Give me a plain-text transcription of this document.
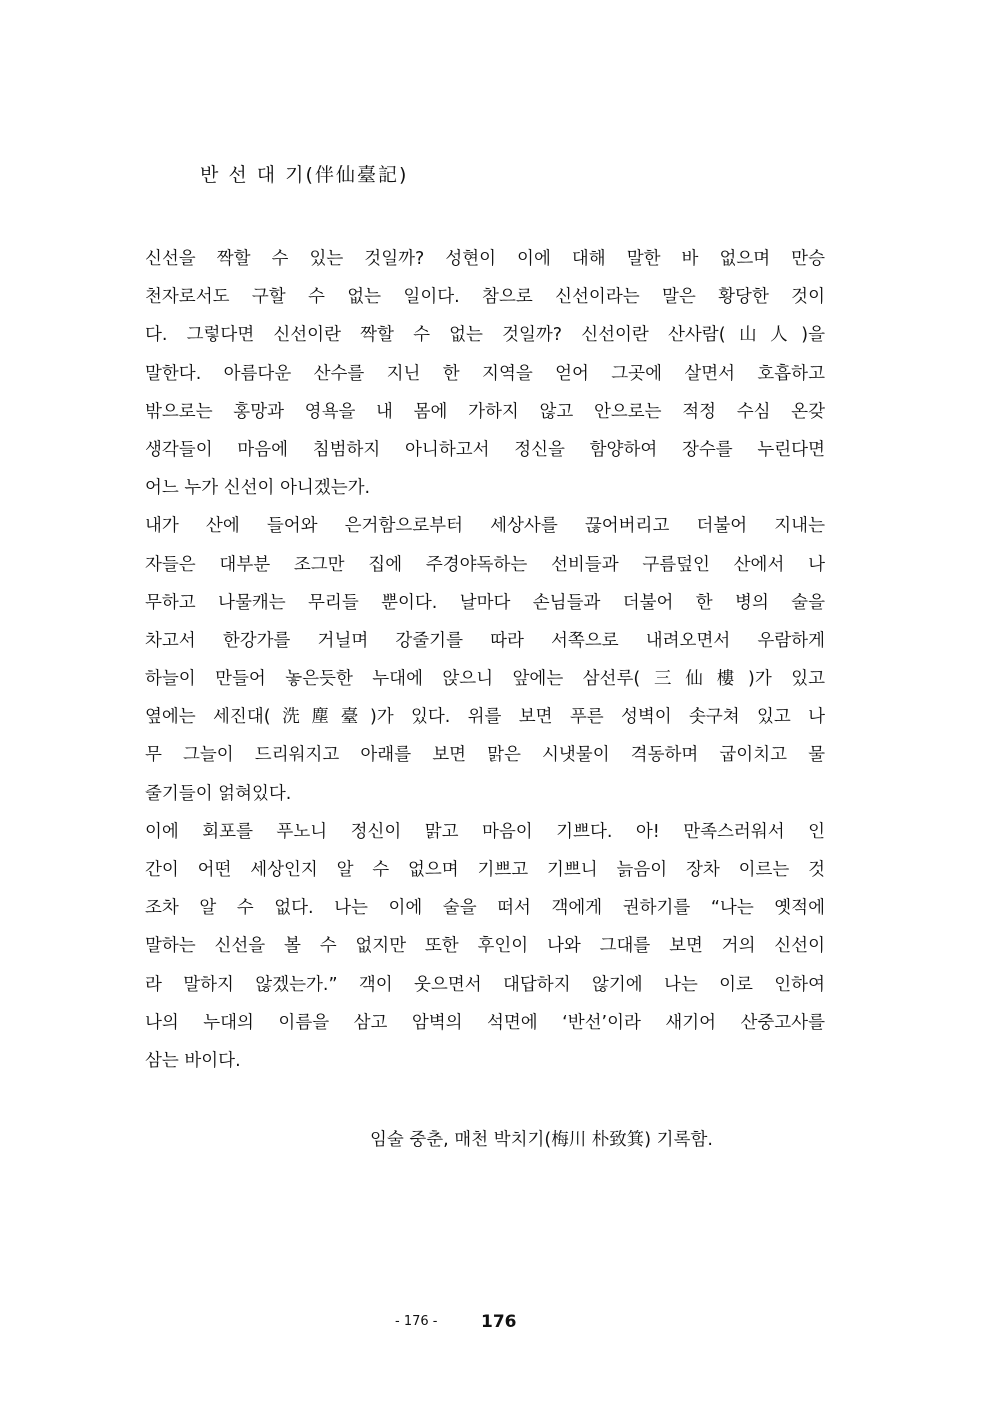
반 선 대 기(伴仙臺記)
신선을 짝할 수 있는 것일까? 성현이 이에 대해 말한 바 없으며 만승
천자로서도 구할 수 없는 일이다. 참으로 신선이라는 말은 황당한 것이
다. 그렇다면 신선이란 짝할 수 없는 것일까? 신선이란 산사람(山人)을
말한다. 아름다운 산수를 지닌 한 지역을 얻어 그곳에 살면서 호흡하고
밖으로는 홍망과 영욕을 내 몸에 가하지 않고 안으로는 적정 수심 온갖
생각들이 마음에 침범하지 아니하고서 정신을 함양하여 장수를 누린다면
어느 누가 신선이 아니겠는가.
내가 산에 들어와 은거함으로부터 세상사를 끊어버리고 더불어 지내는
자들은 대부분 조그만 집에 주경야독하는 선비들과 구름덮인 산에서 나
무하고 나물캐는 무리들 뿐이다. 날마다 손님들과 더불어 한 병의 술을
차고서 한강가를 거닐며 강줄기를 따라 서쪽으로 내려오면서 우람하게
하늘이 만들어 놓은듯한 누대에 앉으니 앞에는 삼선루(三仙樓)가 있고
옆에는 세진대(洗塵臺)가 있다. 위를 보면 푸른 성벽이 솟구쳐 있고 나
무 그늘이 드리워지고 아래를 보면 맑은 시냇물이 격동하며 굽이치고 물
줄기들이 얽혀있다.
이에 회포를 푸노니 정신이 맑고 마음이 기쁘다. 아! 만족스러워서 인
간이 어떤 세상인지 알 수 없으며 기쁘고 기쁘니 늙음이 장차 이르는 것
조차 알 수 없다. 나는 이에 술을 떠서 객에게 권하기를 “나는 옛적에
말하는 신선을 볼 수 없지만 또한 후인이 나와 그대를 보면 거의 신선이
라 말하지 않겠는가.” 객이 웃으면서 대답하지 않기에 나는 이로 인하여
나의 누대의 이름을 삼고 암벽의 석면에 ‘반선’이라 새기어 산중고사를
삼는 바이다.
임술 중춘, 매천 박치기(梅川 朴致箕) 기록함.
- 176 -	176
